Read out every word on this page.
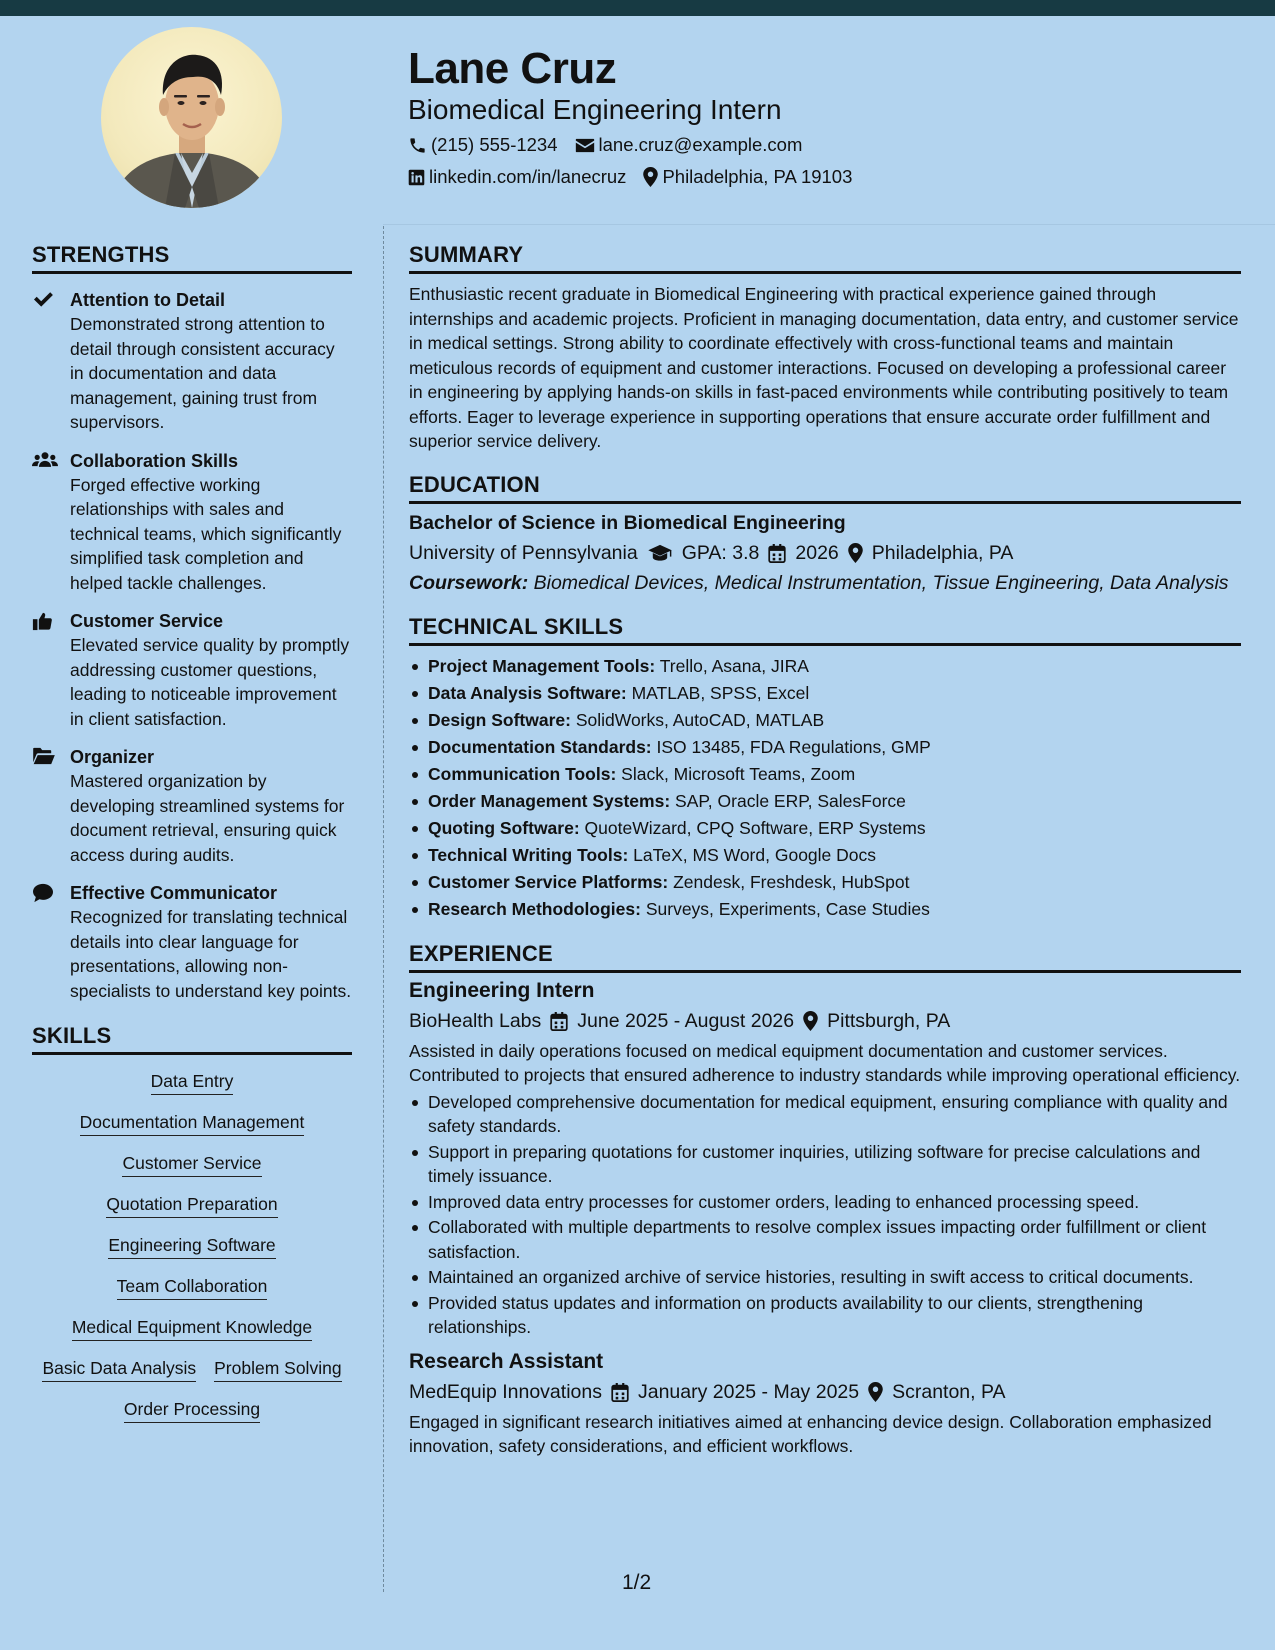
Lane Cruz
Biomedical Engineering Intern
(215) 555-1234 lane.cruz@example.com
linkedin.com/in/lanecruz Philadelphia, PA 19103
STRENGTHS
Attention to Detail
Demonstrated strong attention to detail through consistent accuracy in documentation and data management, gaining trust from supervisors.
Collaboration Skills
Forged effective working relationships with sales and technical teams, which significantly simplified task completion and helped tackle challenges.
Customer Service
Elevated service quality by promptly addressing customer questions, leading to noticeable improvement in client satisfaction.
Organizer
Mastered organization by developing streamlined systems for document retrieval, ensuring quick access during audits.
Effective Communicator
Recognized for translating technical details into clear language for presentations, allowing non-specialists to understand key points.
SKILLS
Data Entry
Documentation Management
Customer Service
Quotation Preparation
Engineering Software
Team Collaboration
Medical Equipment Knowledge
Basic Data Analysis Problem Solving
Order Processing
SUMMARY
Enthusiastic recent graduate in Biomedical Engineering with practical experience gained through internships and academic projects. Proficient in managing documentation, data entry, and customer service in medical settings. Strong ability to coordinate effectively with cross-functional teams and maintain meticulous records of equipment and customer interactions. Focused on developing a professional career in engineering by applying hands-on skills in fast-paced environments while contributing positively to team efforts. Eager to leverage experience in supporting operations that ensure accurate order fulfillment and superior service delivery.
EDUCATION
Bachelor of Science in Biomedical Engineering
University of Pennsylvania GPA: 3.8 2026 Philadelphia, PA
Coursework: Biomedical Devices, Medical Instrumentation, Tissue Engineering, Data Analysis
TECHNICAL SKILLS
Project Management Tools: Trello, Asana, JIRA
Data Analysis Software: MATLAB, SPSS, Excel
Design Software: SolidWorks, AutoCAD, MATLAB
Documentation Standards: ISO 13485, FDA Regulations, GMP
Communication Tools: Slack, Microsoft Teams, Zoom
Order Management Systems: SAP, Oracle ERP, SalesForce
Quoting Software: QuoteWizard, CPQ Software, ERP Systems
Technical Writing Tools: LaTeX, MS Word, Google Docs
Customer Service Platforms: Zendesk, Freshdesk, HubSpot
Research Methodologies: Surveys, Experiments, Case Studies
EXPERIENCE
Engineering Intern
BioHealth Labs June 2025 - August 2026 Pittsburgh, PA
Assisted in daily operations focused on medical equipment documentation and customer services. Contributed to projects that ensured adherence to industry standards while improving operational efficiency.
Developed comprehensive documentation for medical equipment, ensuring compliance with quality and safety standards.
Support in preparing quotations for customer inquiries, utilizing software for precise calculations and timely issuance.
Improved data entry processes for customer orders, leading to enhanced processing speed.
Collaborated with multiple departments to resolve complex issues impacting order fulfillment or client satisfaction.
Maintained an organized archive of service histories, resulting in swift access to critical documents.
Provided status updates and information on products availability to our clients, strengthening relationships.
Research Assistant
MedEquip Innovations January 2025 - May 2025 Scranton, PA
Engaged in significant research initiatives aimed at enhancing device design. Collaboration emphasized innovation, safety considerations, and efficient workflows.
1/2
